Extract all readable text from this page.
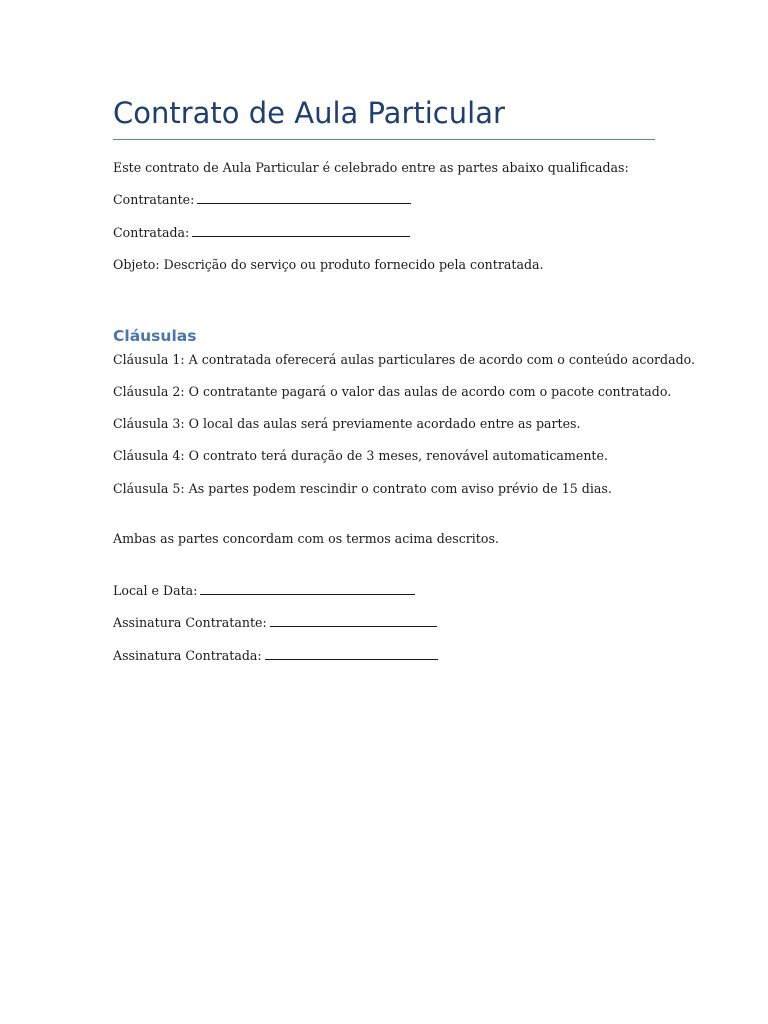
Contrato de Aula Particular
Este contrato de Aula Particular é celebrado entre as partes abaixo qualificadas:
Contratante:
Contratada:
Objeto: Descrição do serviço ou produto fornecido pela contratada.
Cláusulas
Cláusula 1: A contratada oferecerá aulas particulares de acordo com o conteúdo acordado.
Cláusula 2: O contratante pagará o valor das aulas de acordo com o pacote contratado.
Cláusula 3: O local das aulas será previamente acordado entre as partes.
Cláusula 4: O contrato terá duração de 3 meses, renovável automaticamente.
Cláusula 5: As partes podem rescindir o contrato com aviso prévio de 15 dias.
Ambas as partes concordam com os termos acima descritos.
Local e Data:
Assinatura Contratante:
Assinatura Contratada:
